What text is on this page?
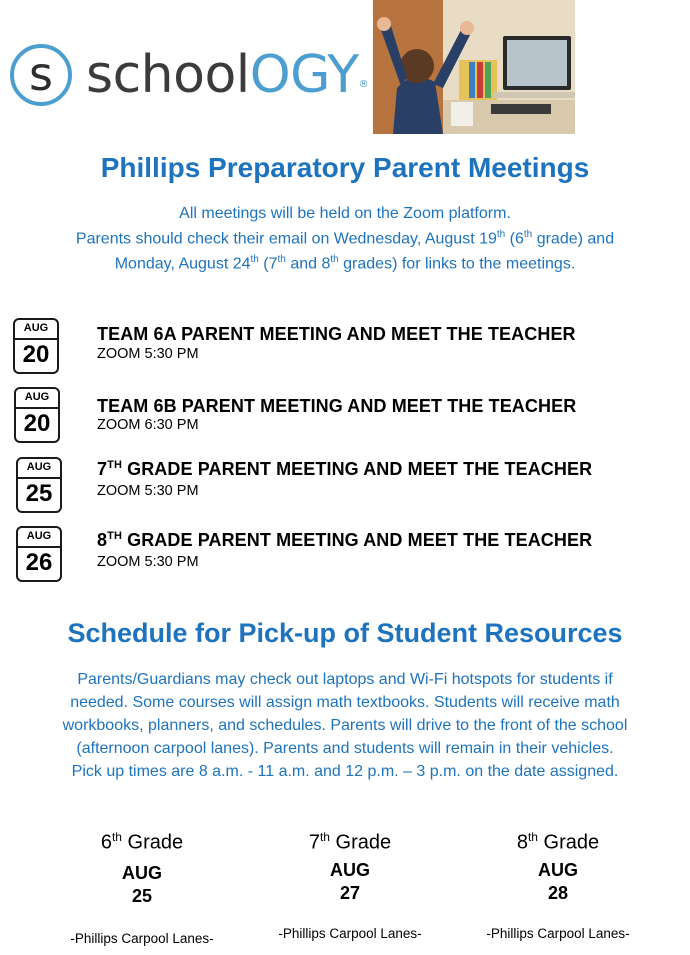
s schoolOGY®
Phillips Preparatory Parent Meetings
All meetings will be held on the Zoom platform.
Parents should check their email on Wednesday, August 19th (6th grade) and
Monday, August 24th (7th and 8th grades) for links to the meetings.
AUG
20
TEAM 6A PARENT MEETING AND MEET THE TEACHER
ZOOM 5:30 PM
AUG
20
TEAM 6B PARENT MEETING AND MEET THE TEACHER
ZOOM 6:30 PM
AUG
25
7TH GRADE PARENT MEETING AND MEET THE TEACHER
ZOOM 5:30 PM
AUG
26
8TH GRADE PARENT MEETING AND MEET THE TEACHER
ZOOM 5:30 PM
Schedule for Pick-up of Student Resources
Parents/Guardians may check out laptops and Wi-Fi hotspots for students if
needed. Some courses will assign math textbooks. Students will receive math
workbooks, planners, and schedules. Parents will drive to the front of the school
(afternoon carpool lanes). Parents and students will remain in their vehicles.
Pick up times are 8 a.m. - 11 a.m. and 12 p.m. – 3 p.m. on the date assigned.
6th Grade
AUG
25
-Phillips Carpool Lanes-
7th Grade
AUG
27
-Phillips Carpool Lanes-
8th Grade
AUG
28
-Phillips Carpool Lanes-
